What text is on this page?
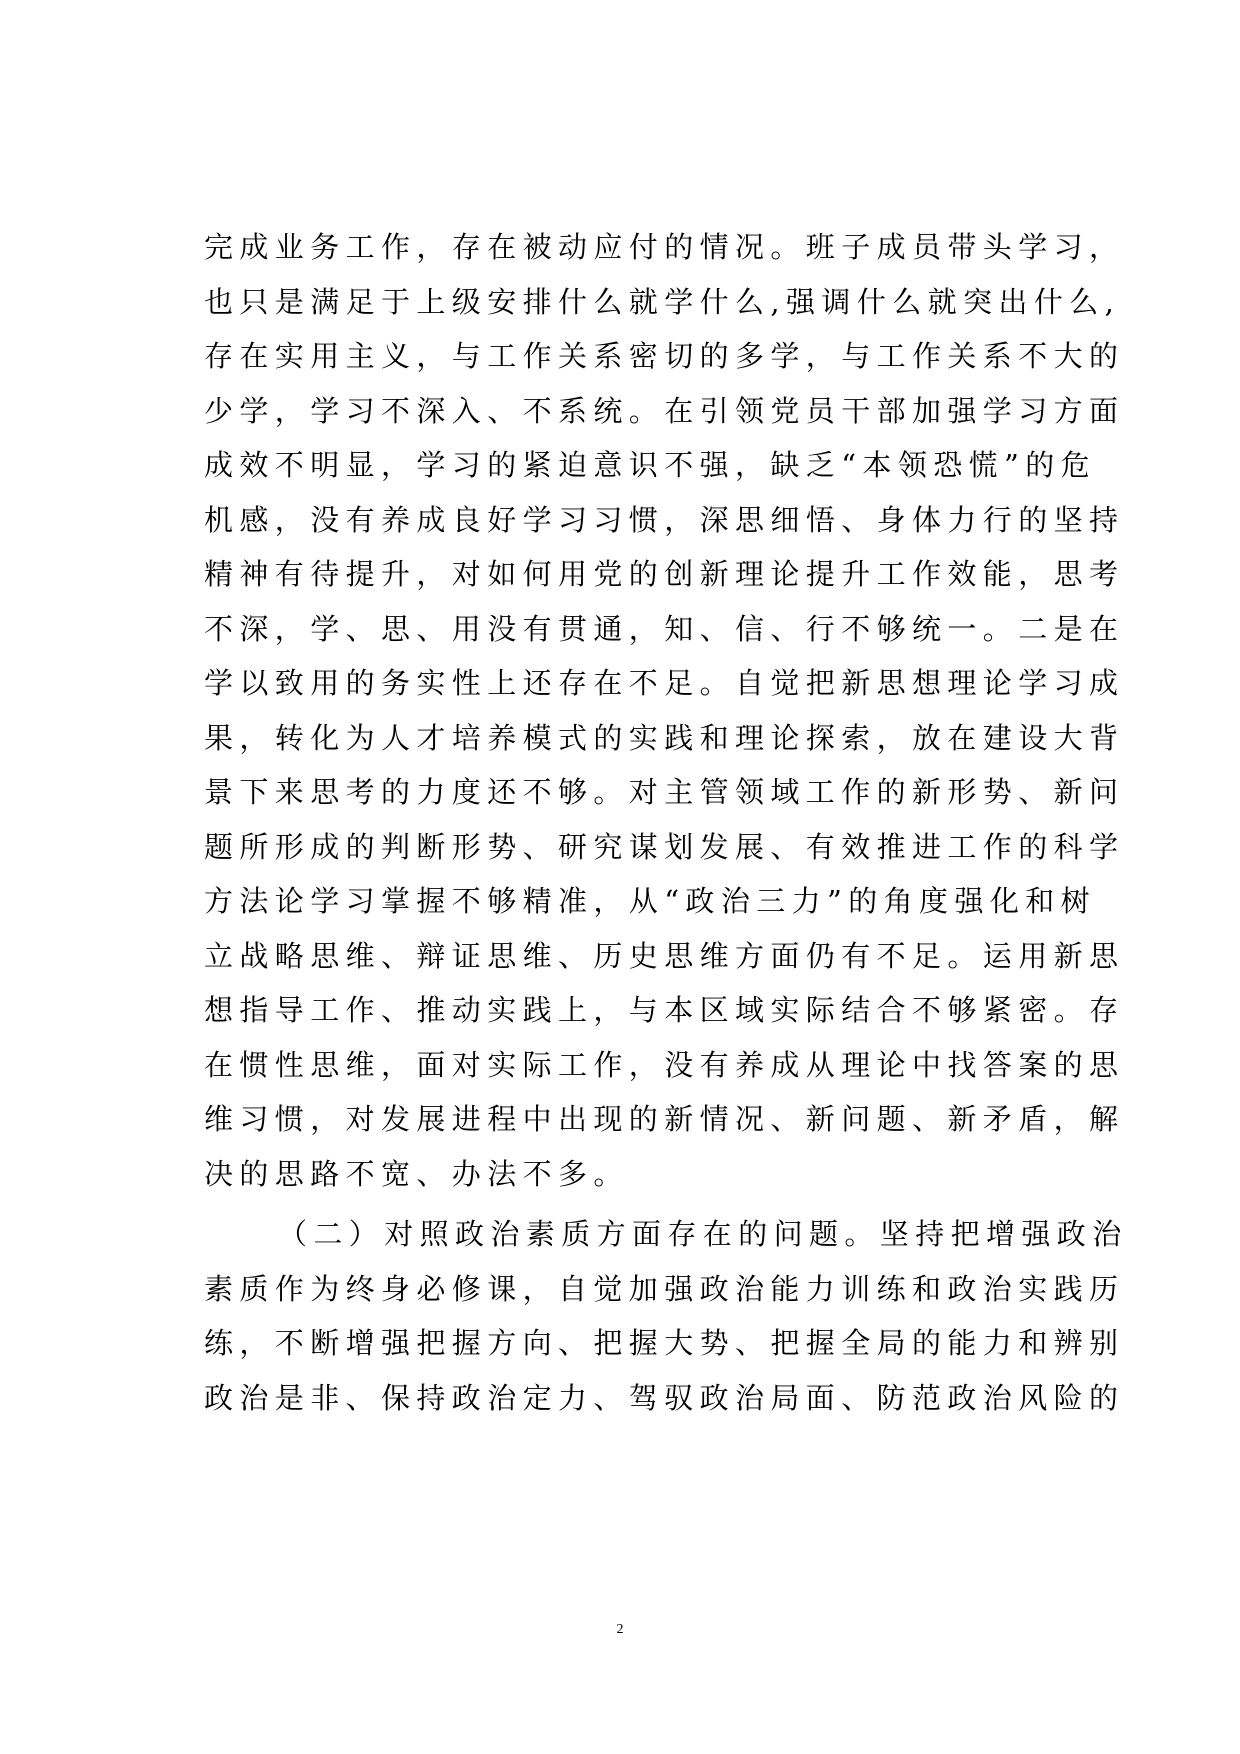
完成业务工作，存在被动应付的情况。班子成员带头学习，
也只是满足于上级安排什么就学什么,强调什么就突出什么,
存在实用主义，与工作关系密切的多学，与工作关系不大的
少学，学习不深入、不系统。在引领党员干部加强学习方面
成效不明显，学习的紧迫意识不强，缺乏“本领恐慌”的危
机感，没有养成良好学习习惯，深思细悟、身体力行的坚持
精神有待提升，对如何用党的创新理论提升工作效能，思考
不深，学、思、用没有贯通，知、信、行不够统一。二是在
学以致用的务实性上还存在不足。自觉把新思想理论学习成
果，转化为人才培养模式的实践和理论探索，放在建设大背
景下来思考的力度还不够。对主管领域工作的新形势、新问
题所形成的判断形势、研究谋划发展、有效推进工作的科学
方法论学习掌握不够精准，从“政治三力”的角度强化和树
立战略思维、辩证思维、历史思维方面仍有不足。运用新思
想指导工作、推动实践上，与本区域实际结合不够紧密。存
在惯性思维，面对实际工作，没有养成从理论中找答案的思
维习惯，对发展进程中出现的新情况、新问题、新矛盾，解
决的思路不宽、办法不多。
（二）对照政治素质方面存在的问题。坚持把增强政治
素质作为终身必修课，自觉加强政治能力训练和政治实践历
练，不断增强把握方向、把握大势、把握全局的能力和辨别
政治是非、保持政治定力、驾驭政治局面、防范政治风险的
2
